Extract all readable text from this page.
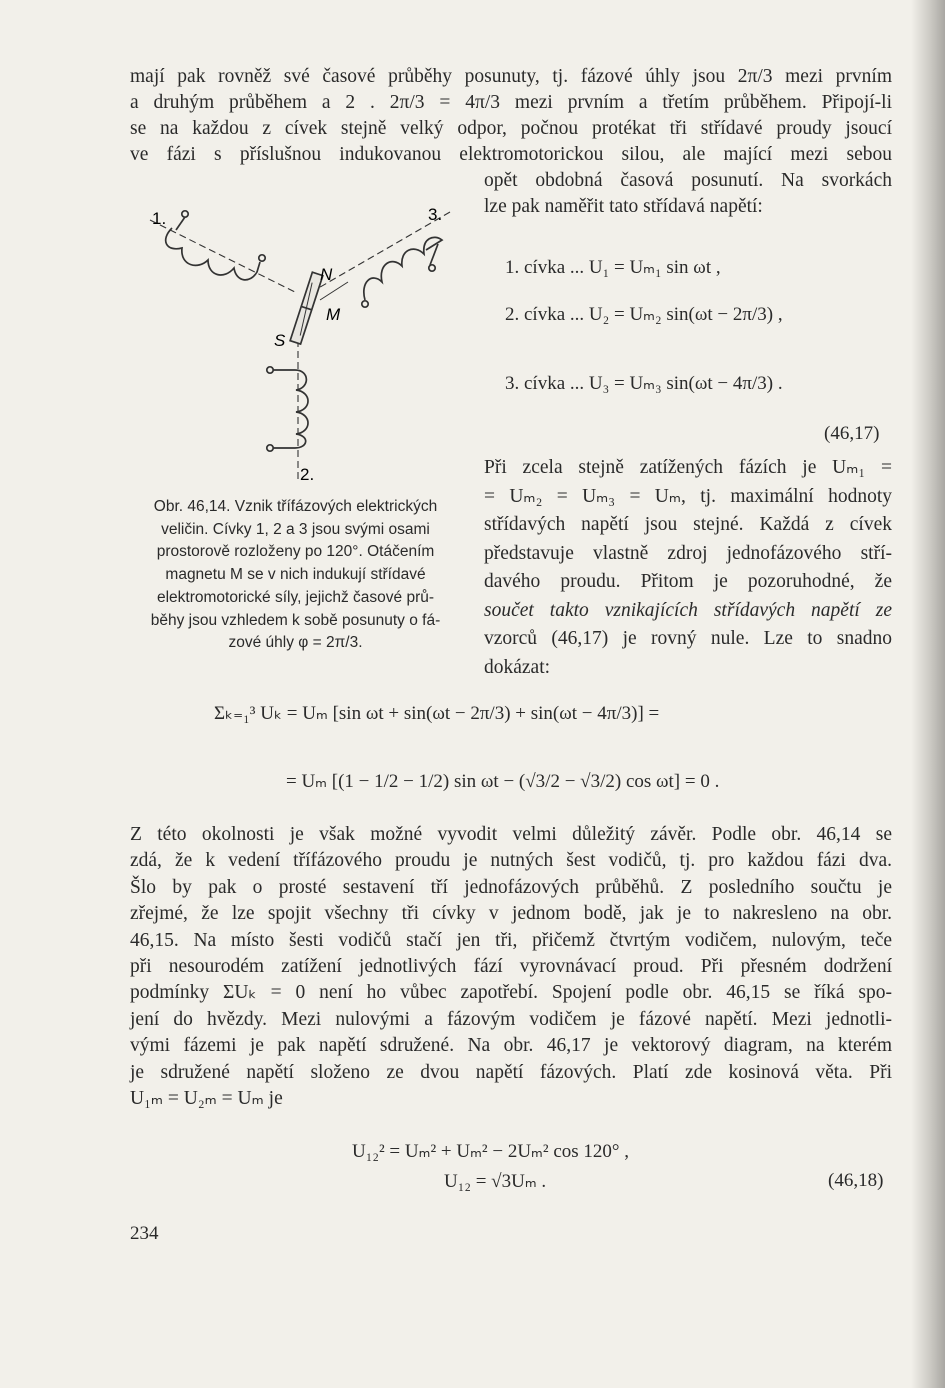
mají pak rovněž své časové průběhy posunuty, tj. fázové úhly jsou 2π/3 mezi prvním

a druhým průběhem a 2 . 2π/3 = 4π/3 mezi prvním a třetím průběhem. Připojí-li

se na každou z cívek stejně velký odpor, počnou protékat tři střídavé proudy jsoucí

ve fázi s příslušnou indukovanou elektromotorickou silou, ale mající mezi sebou

opět obdobná časová posunutí. Na svorkách

lze pak naměřit tato střídavá napětí:

1.	3.
2.
N
S
M
Obr. 46,14. Vznik třífázových elektrických
veličin. Cívky 1, 2 a 3 jsou svými osami
prostorově rozloženy po 120°. Otáčením
magnetu M se v nich indukují střídavé
elektromotorické síly, jejichž časové prů-
běhy jsou vzhledem k sobě posunuty o fá-
zové úhly φ = 2π/3.
1. cívka ... U₁ = Uₘ₁ sin ωt ,
2. cívka ... U₂ = Uₘ₂ sin(ωt − 2π/3) ,
3. cívka ... U₃ = Uₘ₃ sin(ωt − 4π/3) .
(46,17)

Při zcela stejně zatížených fázích je Uₘ₁ =

= Uₘ₂ = Uₘ₃ = Uₘ, tj. maximální hodnoty

střídavých napětí jsou stejné. Každá z cívek

představuje vlastně zdroj jednofázového stří-

davého proudu. Přitom je pozoruhodné, že

součet takto vznikajících střídavých napětí ze

vzorců (46,17) je rovný nule. Lze to snadno

dokázat:

Σₖ₌₁³ Uₖ = Uₘ [sin ωt + sin(ωt − 2π/3) + sin(ωt − 4π/3)] =
= Uₘ [(1 − 1/2 − 1/2) sin ωt − (√3/2 − √3/2) cos ωt] = 0 .

Z této okolnosti je však možné vyvodit velmi důležitý závěr. Podle obr. 46,14 se

zdá, že k vedení třífázového proudu je nutných šest vodičů, tj. pro každou fázi dva.

Šlo by pak o prosté sestavení tří jednofázových průběhů. Z posledního součtu je

zřejmé, že lze spojit všechny tři cívky v jednom bodě, jak je to nakresleno na obr.

46,15. Na místo šesti vodičů stačí jen tři, přičemž čtvrtým vodičem, nulovým, teče

při nesourodém zatížení jednotlivých fází vyrovnávací proud. Při přesném dodržení

podmínky ΣUₖ = 0 není ho vůbec zapotřebí. Spojení podle obr. 46,15 se říká spo-

jení do hvězdy. Mezi nulovými a fázovým vodičem je fázové napětí. Mezi jednotli-

vými fázemi je pak napětí sdružené. Na obr. 46,17 je vektorový diagram, na kterém

je sdružené napětí složeno ze dvou napětí fázových. Platí zde kosinová věta. Při

U₁ₘ = U₂ₘ = Uₘ je

U₁₂² = Uₘ² + Uₘ² − 2Uₘ² cos 120° ,
U₁₂ = √3Uₘ .	(46,18)
234
